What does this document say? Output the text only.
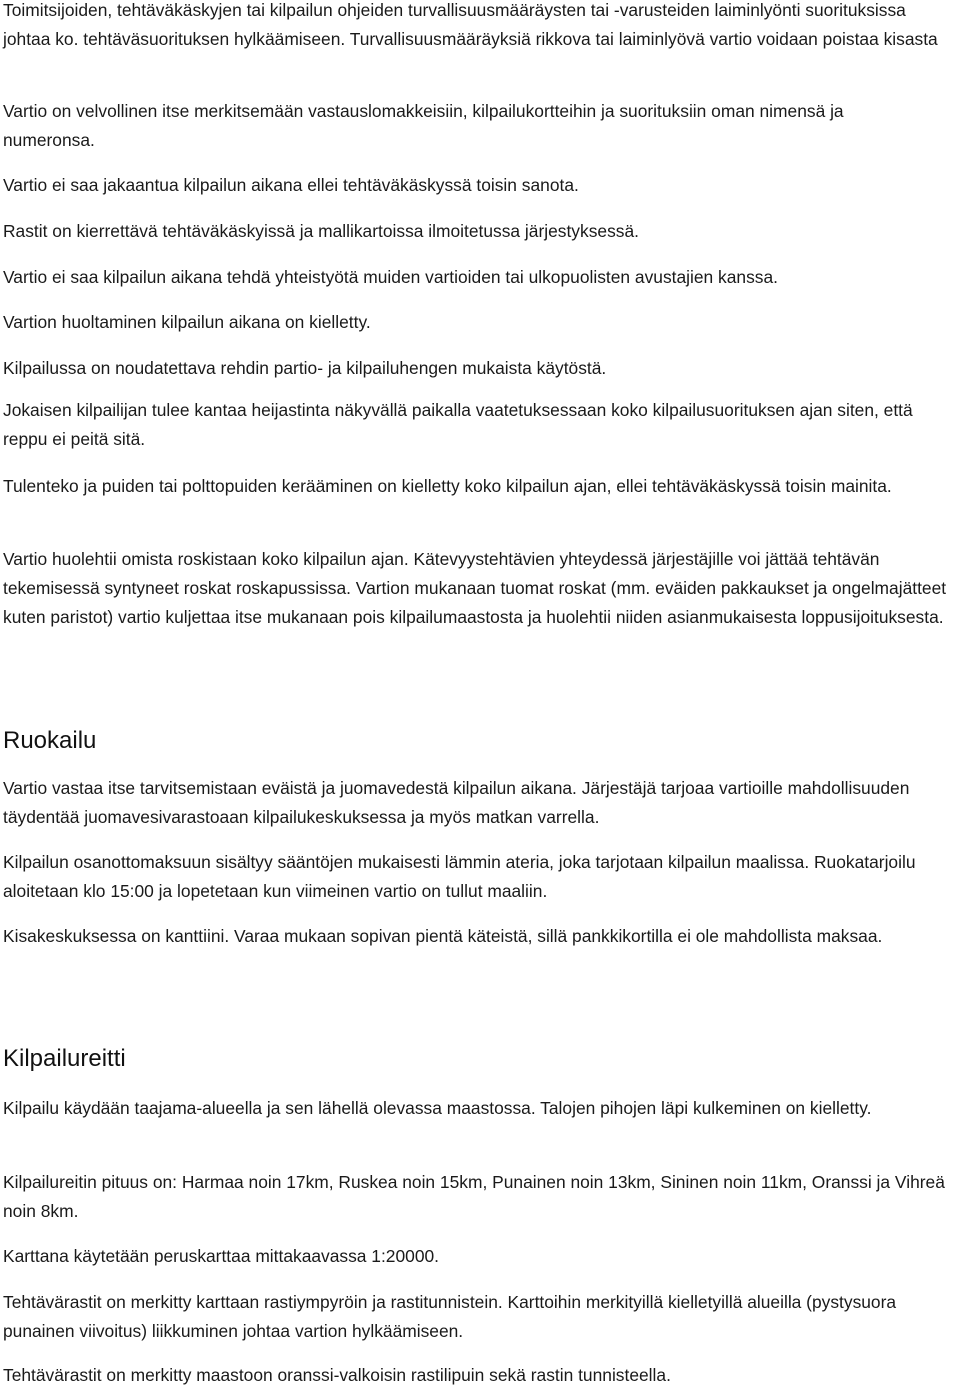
Toimitsijoiden, tehtäväkäskyjen tai kilpailun ohjeiden turvallisuusmääräysten tai -varusteiden laiminlyönti suorituksissa johtaa ko. tehtäväsuorituksen hylkäämiseen. Turvallisuusmääräyksiä rikkova tai laiminlyövä vartio voidaan poistaa kisasta

Vartio on velvollinen itse merkitsemään vastauslomakkeisiin, kilpailukortteihin ja suorituksiin oman nimensä ja numeronsa.

Vartio ei saa jakaantua kilpailun aikana ellei tehtäväkäskyssä toisin sanota.

Rastit on kierrettävä tehtäväkäskyissä ja mallikartoissa ilmoitetussa järjestyksessä.

Vartio ei saa kilpailun aikana tehdä yhteistyötä muiden vartioiden tai ulkopuolisten avustajien kanssa.

Vartion huoltaminen kilpailun aikana on kielletty.

Kilpailussa on noudatettava rehdin partio- ja kilpailuhengen mukaista käytöstä.

Jokaisen kilpailijan tulee kantaa heijastinta näkyvällä paikalla vaatetuksessaan koko kilpailusuorituksen ajan siten, että reppu ei peitä sitä.

Tulenteko ja puiden tai polttopuiden kerääminen on kielletty koko kilpailun ajan, ellei tehtäväkäskyssä toisin mainita.

Vartio huolehtii omista roskistaan koko kilpailun ajan. Kätevyystehtävien yhteydessä järjestäjille voi jättää tehtävän tekemisessä syntyneet roskat roskapussissa. Vartion mukanaan tuomat roskat (mm. eväiden pakkaukset ja ongelmajätteet kuten paristot) vartio kuljettaa itse mukanaan pois kilpailumaastosta ja huolehtii niiden asianmukaisesta loppusijoituksesta.

Ruokailu

Vartio vastaa itse tarvitsemistaan eväistä ja juomavedestä kilpailun aikana. Järjestäjä tarjoaa vartioille mahdollisuuden täydentää juomavesivarastoaan kilpailukeskuksessa ja myös matkan varrella.

Kilpailun osanottomaksuun sisältyy sääntöjen mukaisesti lämmin ateria, joka tarjotaan kilpailun maalissa. Ruokatarjoilu aloitetaan klo 15:00 ja lopetetaan kun viimeinen vartio on tullut maaliin.

Kisakeskuksessa on kanttiini. Varaa mukaan sopivan pientä käteistä, sillä pankkikortilla ei ole mahdollista maksaa.

Kilpailureitti

Kilpailu käydään taajama-alueella ja sen lähellä olevassa maastossa. Talojen pihojen läpi kulkeminen on kielletty.

Kilpailureitin pituus on: Harmaa noin 17km, Ruskea noin 15km, Punainen noin 13km, Sininen noin 11km, Oranssi ja Vihreä noin 8km.

Karttana käytetään peruskarttaa mittakaavassa 1:20000.

Tehtävärastit on merkitty karttaan rastiympyröin ja rastitunnistein. Karttoihin merkityillä kielletyillä alueilla (pystysuora punainen viivoitus) liikkuminen johtaa vartion hylkäämiseen.

Tehtävärastit on merkitty maastoon oranssi-valkoisin rastilipuin sekä rastin tunnisteella.
